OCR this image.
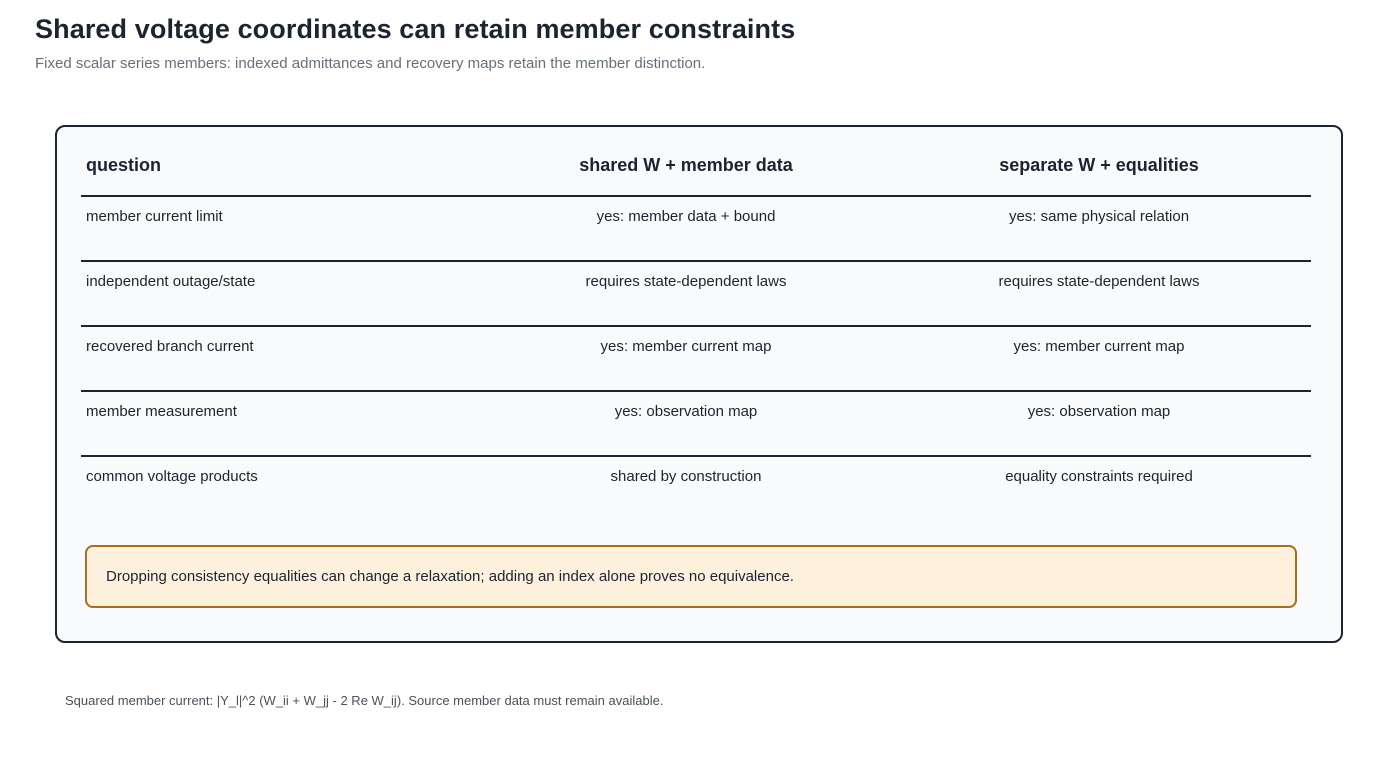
Shared voltage coordinates can retain member constraints

Fixed scalar series members: indexed admittances and recovery maps retain the member distinction.

question	shared W + member data	separate W + equalities
member current limit	yes: member data + bound	yes: same physical relation
independent outage/state	requires state-dependent laws	requires state-dependent laws
recovered branch current	yes: member current map	yes: member current map
member measurement	yes: observation map	yes: observation map
common voltage products	shared by construction	equality constraints required
Dropping consistency equalities can change a relaxation; adding an index alone proves no equivalence.

Squared member current: |Y_l|^2 (W_ii + W_jj - 2 Re W_ij). Source member data must remain available.
